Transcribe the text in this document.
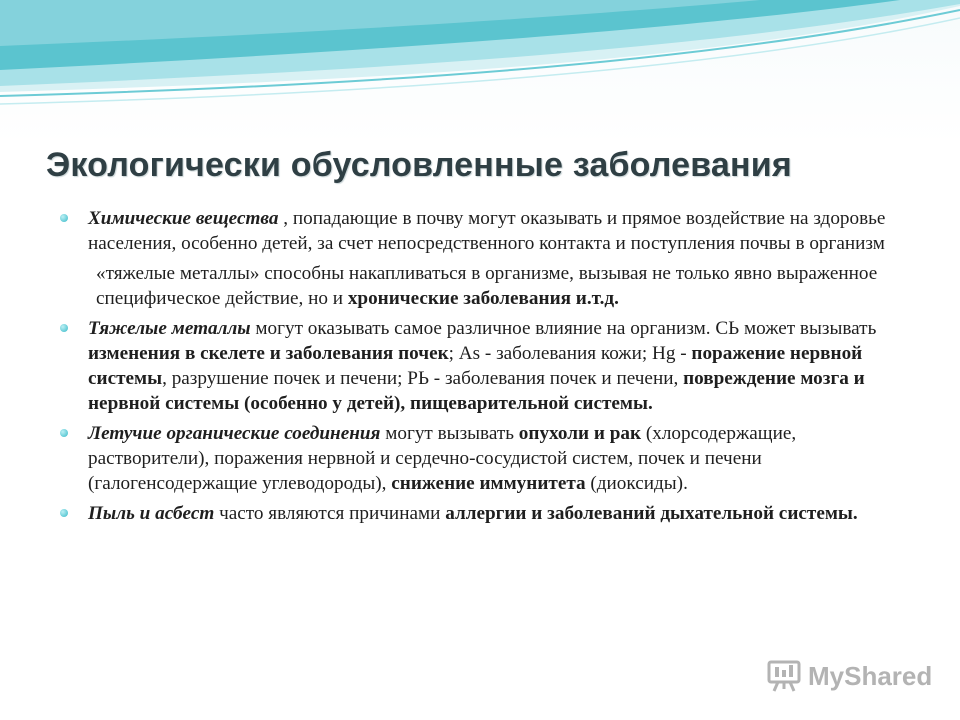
Экологически обусловленные заболевания
Химические вещества , попадающие в почву могут оказывать и прямое воздействие на здоровье населения, особенно детей, за счет непосредственного контакта и поступления почвы в организм
«тяжелые металлы» способны накапливаться в организме, вызывая не только явно выраженное специфическое действие, но и хронические заболевания и.т.д.
Тяжелые металлы могут оказывать самое различное влияние на организм. СЬ может вызывать изменения в скелете и заболевания почек; As - заболевания кожи; Hg - поражение нервной системы, разрушение почек и печени; РЬ - заболевания почек и печени, повреждение мозга и нервной системы (особенно у детей), пищеварительной системы.
Летучие органические соединения могут вызывать опухоли и рак (хлорсодержащие, растворители), поражения нервной и сердечно-сосудистой систем, почек и печени (галогенсодержащие углеводороды), снижение иммунитета (диоксиды).
Пыль и асбест часто являются причинами аллергии и заболеваний дыхательной системы.
MyShared
